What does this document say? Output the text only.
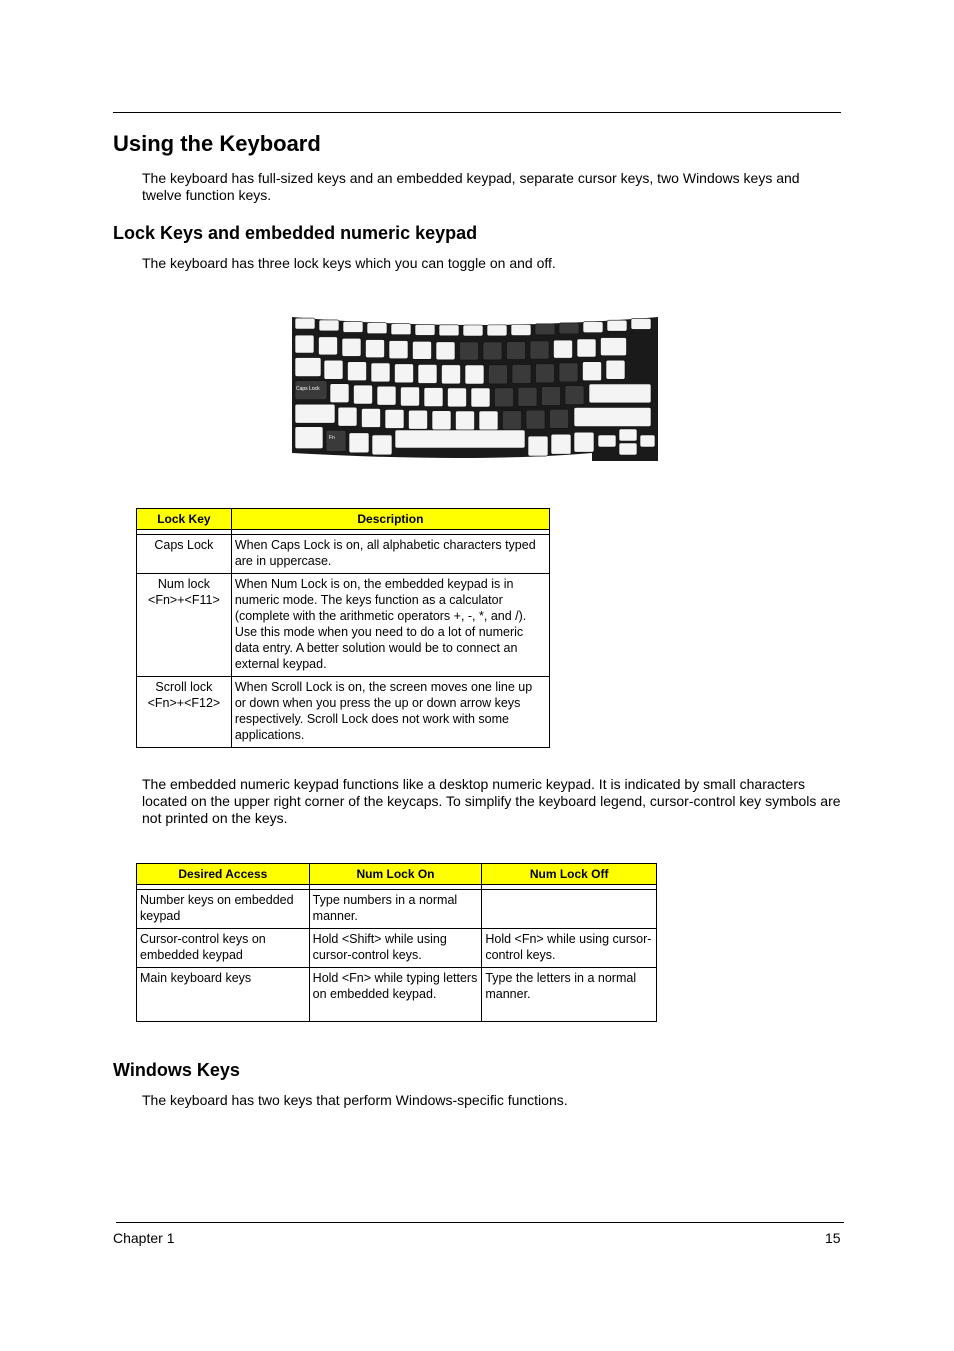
Using the Keyboard

The keyboard has full-sized keys and an embedded keypad, separate cursor keys, two Windows keys and twelve function keys.

Lock Keys and embedded numeric keypad

The keyboard has three lock keys which you can toggle on and off.

Caps Lock
Fn
Lock Key	Description

Caps Lock	When Caps Lock is on, all alphabetic characters typed are in uppercase.
Num lock <Fn>+<F11>	When Num Lock is on, the embedded keypad is in numeric mode. The keys function as a calculator (complete with the arithmetic operators +, -, *, and /). Use this mode when you need to do a lot of numeric data entry. A better solution would be to connect an external keypad.
Scroll lock <Fn>+<F12>	When Scroll Lock is on, the screen moves one line up or down when you press the up or down arrow keys respectively. Scroll Lock does not work with some applications.

The embedded numeric keypad functions like a desktop numeric keypad. It is indicated by small characters located on the upper right corner of the keycaps. To simplify the keyboard legend, cursor-control key symbols are not printed on the keys.

Desired Access	Num Lock On	Num Lock Off

Number keys on embedded keypad	Type numbers in a normal manner.	
Cursor-control keys on embedded keypad	Hold <Shift> while using cursor-control keys.	Hold <Fn> while using cursor-control keys.
Main keyboard keys	Hold <Fn> while typing letters on embedded keypad.	Type the letters in a normal manner.
Windows Keys

The keyboard has two keys that perform Windows-specific functions.

Chapter 1	15
